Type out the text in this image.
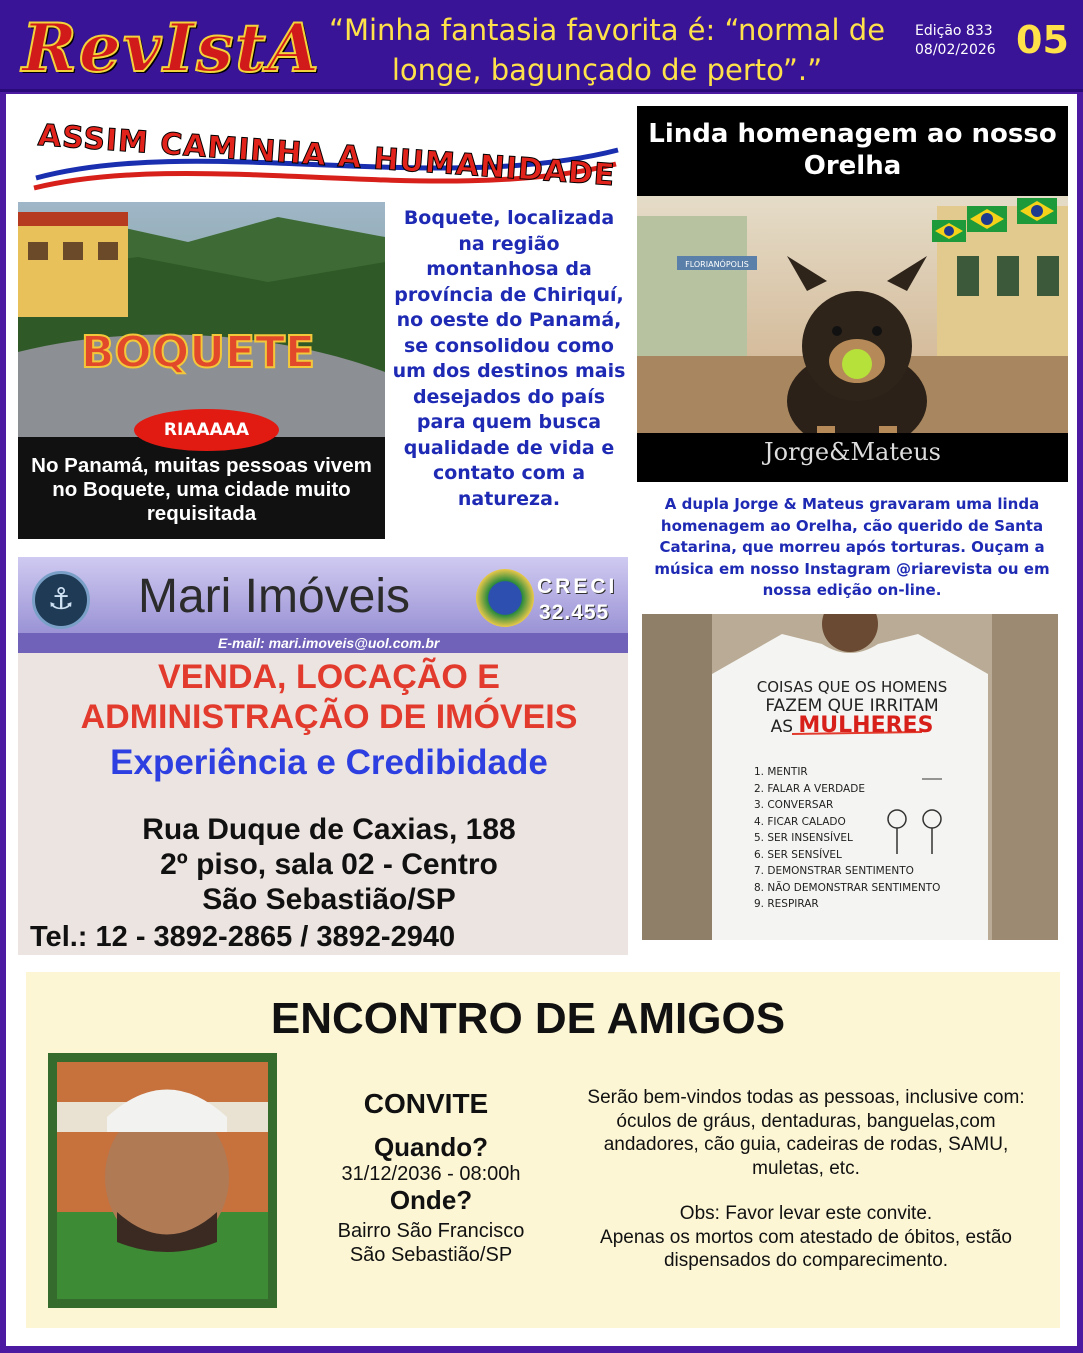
RevIstA “Minha fantasia favorita é: “normal de longe, bagunçado de perto”.”
Edição 833
08/02/2026 05
ASSIM CAMINHA A HUMANIDADE
BOQUETE
RIAAAAA
No Panamá, muitas pessoas vivem no Boquete, uma cidade muito requisitada
Boquete, localizada na região montanhosa da província de Chiriquí, no oeste do Panamá, se consolidou como um dos destinos mais desejados do país para quem busca qualidade de vida e contato com a natureza.
Linda homenagem ao nosso Orelha
FLORIANÓPOLIS
Jorge&Mateus
A dupla Jorge & Mateus gravaram uma linda homenagem ao Orelha, cão querido de Santa Catarina, que morreu após torturas. Ouçam a música em nosso Instagram @riarevista ou em nossa edição on-line.
⚓	Mari Imóveis	CRECI
32.455
E-mail: mari.imoveis@uol.com.br
VENDA, LOCAÇÃO E
ADMINISTRAÇÃO DE IMÓVEIS
Experiência e Credibidade
Rua Duque de Caxias, 188
2º piso, sala 02 - Centro
São Sebastião/SP
Tel.: 12 - 3892-2865 / 3892-2940
COISAS QUE OS HOMENS
FAZEM QUE IRRITAM
AS MULHERES
1. MENTIR
2. FALAR A VERDADE
3. CONVERSAR
4. FICAR CALADO
5. SER INSENSÍVEL
6. SER SENSÍVEL
7. DEMONSTRAR SENTIMENTO
8. NÃO DEMONSTRAR SENTIMENTO
9. RESPIRAR
ENCONTRO DE AMIGOS
CONVITE
Quando?
31/12/2036 - 08:00h
Onde?
Bairro São Francisco
São Sebastião/SP
Serão bem-vindos todas as pessoas, inclusive com: óculos de gráus, dentaduras, banguelas,com andadores, cão guia, cadeiras de rodas, SAMU, muletas, etc.
Obs: Favor levar este convite.
Apenas os mortos com atestado de óbitos, estão dispensados do comparecimento.
